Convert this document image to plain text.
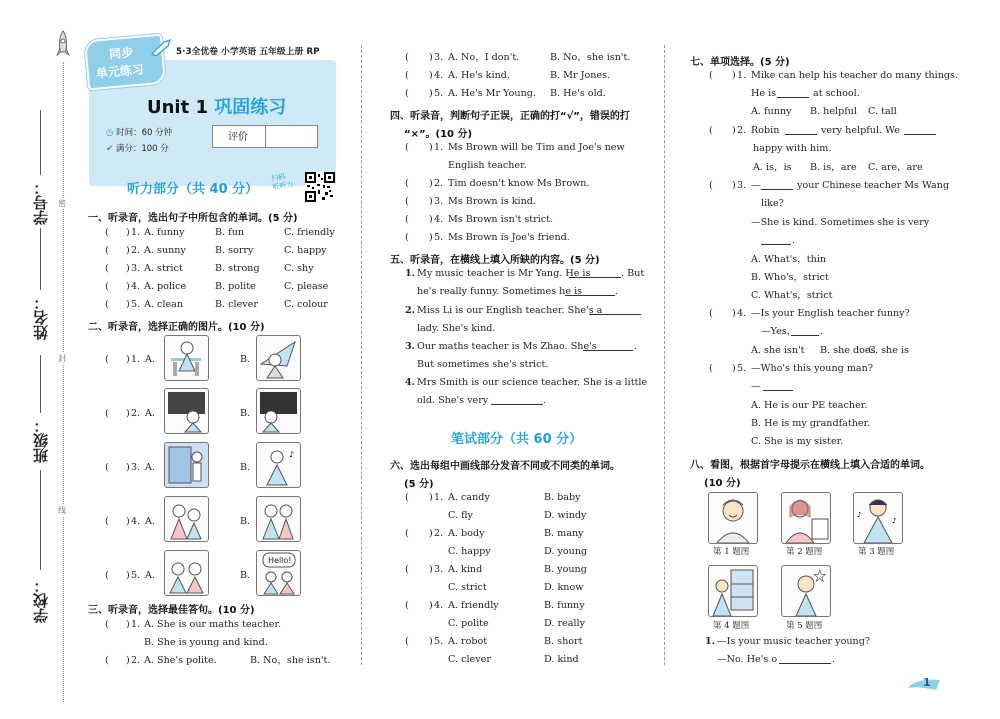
线
封
密
学校：
班级：
姓名：
学号：
同步
单元练习
5·3全优卷 小学英语 五年级上册 RP
Unit 1 巩固练习
◷ 时间：60 分钟
✔ 满分：100 分
评价
听力部分（共 40 分）
扫码
听听力
一、听录音，选出句子中所包含的单词。(5 分)
( ) 1. A. funny	B. fun	C. friendly
( ) 2. A. sunny	B. sorry	C. happy
( ) 3. A. strict	B. strong	C. shy
( ) 4. A. police	B. polite	C. please
( ) 5. A. clean	B. clever	C. colour
二、听录音，选择正确的图片。(10 分)
( ) 1. A.	B.
( ) 2. A.	B.
( ) 3. A.	B.
♪
( ) 4. A.	B.
( ) 5. A.	B.
Hello!
三、听录音，选择最佳答句。(10 分)
( ) 1. A. She is our maths teacher.
B. She is young and kind.
( ) 2. A. She's polite.	B. No，she isn't.
( ) 3. A. No，I don't.	B. No，she isn't.
( ) 4. A. He's kind.	B. Mr Jones.
( ) 5. A. He's Mr Young. B. He's old.
四、听录音，判断句子正误，正确的打“√”，错误的打
“×”。(10 分)
( ) 1. Ms Brown will be Tim and Joe's new
English teacher.
( ) 2. Tim doesn't know Ms Brown.
( ) 3. Ms Brown is kind.
( ) 4. Ms Brown isn't strict.
( ) 5. Ms Brown is Joe's friend.
五、听录音，在横线上填入所缺的内容。(5 分)
1. My music teacher is Mr Yang. He is	. But
he's really funny. Sometimes he is	.
2. Miss Li is our English teacher. She's a
lady. She's kind.
3. Our maths teacher is Ms Zhao. She's	.
But sometimes she's strict.
4. Mrs Smith is our science teacher. She is a little
old. She's very	.
笔试部分（共 60 分）
六、选出每组中画线部分发音不同或不同类的单词。
(5 分)
( ) 1. A. candy	B. baby
C. fly	D. windy
( ) 2. A. body	B. many
C. happy	D. young
( ) 3. A. kind	B. young
C. strict	D. know
( ) 4. A. friendly	B. funny
C. polite	D. really
( ) 5. A. robot	B. short
C. clever	D. kind
七、单项选择。(5 分)
( ) 1. Mike can help his teacher do many things.
He is	at school.
A. funny B. helpful C. tall
( ) 2. Robin	very helpful. We
happy with him.
A. is，is B. is，are C. are，are
( ) 3. —	your Chinese teacher Ms Wang
like?
—She is kind. Sometimes she is very
.
A. What's，thin
B. Who's，strict
C. What's，strict
( ) 4. —Is your English teacher funny?
—Yes， .
A. she isn't B. she does
C. she is
( ) 5. —Who's this young man?
—
A. He is our PE teacher.
B. He is my grandfather.
C. She is my sister.
八、看图，根据首字母提示在横线上填入合适的单词。
(10 分)
第 1 题图	第 2 题图
♪
♪
第 3 题图
第 4 题图	第 5 题图
1. —Is your music teacher young?
—No. He's o	.
1
